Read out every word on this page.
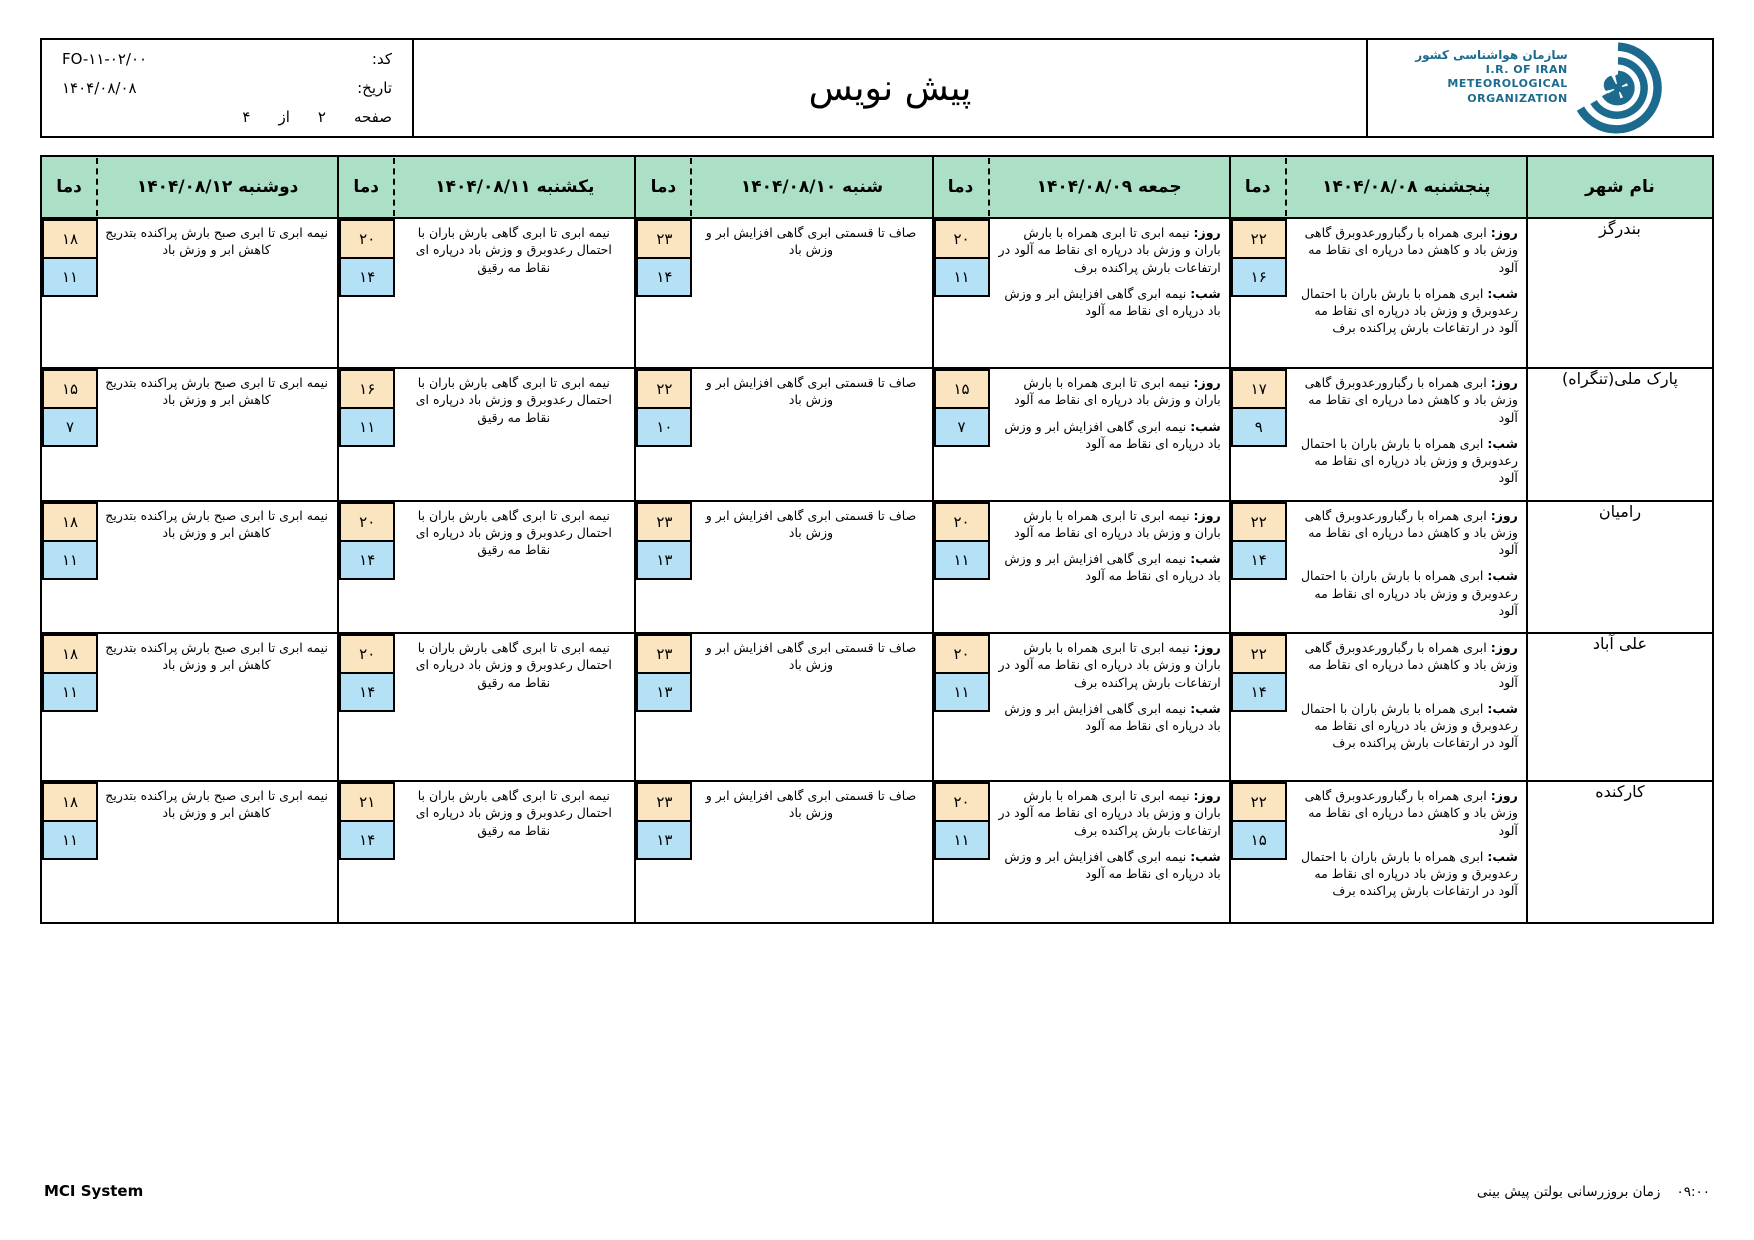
کد:
FO-۱۱-۰۲/۰۰
تاریخ:
۱۴۰۴/۰۸/۰۸
صفحه
۲
از
۴
پیش نویس
سازمان هواشناسی کشور
I.R. OF IRAN
METEOROLOGICAL
ORGANIZATION
نام شهر	
پنجشنبه ۱۴۰۴/۰۸/۰۸
دما

جمعه ۱۴۰۴/۰۸/۰۹
دما

شنبه ۱۴۰۴/۰۸/۱۰
دما

یکشنبه ۱۴۰۴/۰۸/۱۱
دما

دوشنبه ۱۴۰۴/۰۸/۱۲
دما

بندرگز	

روز: ابری همراه با رگبارورعدوبرق گاهی وزش باد و کاهش دما درپاره ای نقاط مه آلود

شب: ابری همراه با بارش باران با احتمال رعدوبرق و وزش باد درپاره ای نقاط مه آلود در ارتفاعات بارش پراکنده برف

۲۲
۱۶

روز: نیمه ابری تا ابری همراه با بارش باران و وزش باد درپاره ای نقاط مه آلود در ارتفاعات بارش پراکنده برف

شب: نیمه ابری گاهی افزایش ابر و وزش باد درپاره ای نقاط مه آلود

۲۰
۱۱

صاف تا قسمتی ابری گاهی افزایش ابر و وزش باد

۲۳
۱۴

نیمه ابری تا ابری گاهی بارش باران با احتمال رعدوبرق و وزش باد درپاره ای نقاط مه رقیق

۲۰
۱۴

نیمه ابری تا ابری صبح بارش پراکنده بتدریج کاهش ابر و وزش باد

۱۸
۱۱

پارک ملی(تنگراه)	

روز: ابری همراه با رگبارورعدوبرق گاهی وزش باد و کاهش دما درپاره ای نقاط مه آلود

شب: ابری همراه با بارش باران با احتمال رعدوبرق و وزش باد درپاره ای نقاط مه آلود

۱۷
۹

روز: نیمه ابری تا ابری همراه با بارش باران و وزش باد درپاره ای نقاط مه آلود

شب: نیمه ابری گاهی افزایش ابر و وزش باد درپاره ای نقاط مه آلود

۱۵
۷

صاف تا قسمتی ابری گاهی افزایش ابر و وزش باد

۲۲
۱۰

نیمه ابری تا ابری گاهی بارش باران با احتمال رعدوبرق و وزش باد درپاره ای نقاط مه رقیق

۱۶
۱۱

نیمه ابری تا ابری صبح بارش پراکنده بتدریج کاهش ابر و وزش باد

۱۵
۷

رامیان	

روز: ابری همراه با رگبارورعدوبرق گاهی وزش باد و کاهش دما درپاره ای نقاط مه آلود

شب: ابری همراه با بارش باران با احتمال رعدوبرق و وزش باد درپاره ای نقاط مه آلود

۲۲
۱۴

روز: نیمه ابری تا ابری همراه با بارش باران و وزش باد درپاره ای نقاط مه آلود

شب: نیمه ابری گاهی افزایش ابر و وزش باد درپاره ای نقاط مه آلود

۲۰
۱۱

صاف تا قسمتی ابری گاهی افزایش ابر و وزش باد

۲۳
۱۳

نیمه ابری تا ابری گاهی بارش باران با احتمال رعدوبرق و وزش باد درپاره ای نقاط مه رقیق

۲۰
۱۴

نیمه ابری تا ابری صبح بارش پراکنده بتدریج کاهش ابر و وزش باد

۱۸
۱۱

علی آباد	

روز: ابری همراه با رگبارورعدوبرق گاهی وزش باد و کاهش دما درپاره ای نقاط مه آلود

شب: ابری همراه با بارش باران با احتمال رعدوبرق و وزش باد درپاره ای نقاط مه آلود در ارتفاعات بارش پراکنده برف

۲۲
۱۴

روز: نیمه ابری تا ابری همراه با بارش باران و وزش باد درپاره ای نقاط مه آلود در ارتفاعات بارش پراکنده برف

شب: نیمه ابری گاهی افزایش ابر و وزش باد درپاره ای نقاط مه آلود

۲۰
۱۱

صاف تا قسمتی ابری گاهی افزایش ابر و وزش باد

۲۳
۱۳

نیمه ابری تا ابری گاهی بارش باران با احتمال رعدوبرق و وزش باد درپاره ای نقاط مه رقیق

۲۰
۱۴

نیمه ابری تا ابری صبح بارش پراکنده بتدریج کاهش ابر و وزش باد

۱۸
۱۱

کارکنده	

روز: ابری همراه با رگبارورعدوبرق گاهی وزش باد و کاهش دما درپاره ای نقاط مه آلود

شب: ابری همراه با بارش باران با احتمال رعدوبرق و وزش باد درپاره ای نقاط مه آلود در ارتفاعات بارش پراکنده برف

۲۲
۱۵

روز: نیمه ابری تا ابری همراه با بارش باران و وزش باد درپاره ای نقاط مه آلود در ارتفاعات بارش پراکنده برف

شب: نیمه ابری گاهی افزایش ابر و وزش باد درپاره ای نقاط مه آلود

۲۰
۱۱

صاف تا قسمتی ابری گاهی افزایش ابر و وزش باد

۲۳
۱۳

نیمه ابری تا ابری گاهی بارش باران با احتمال رعدوبرق و وزش باد درپاره ای نقاط مه رقیق

۲۱
۱۴

نیمه ابری تا ابری صبح بارش پراکنده بتدریج کاهش ابر و وزش باد

۱۸
۱۱
MCI System	زمان بروزرسانی بولتن پیش بینی ۰۹:۰۰
